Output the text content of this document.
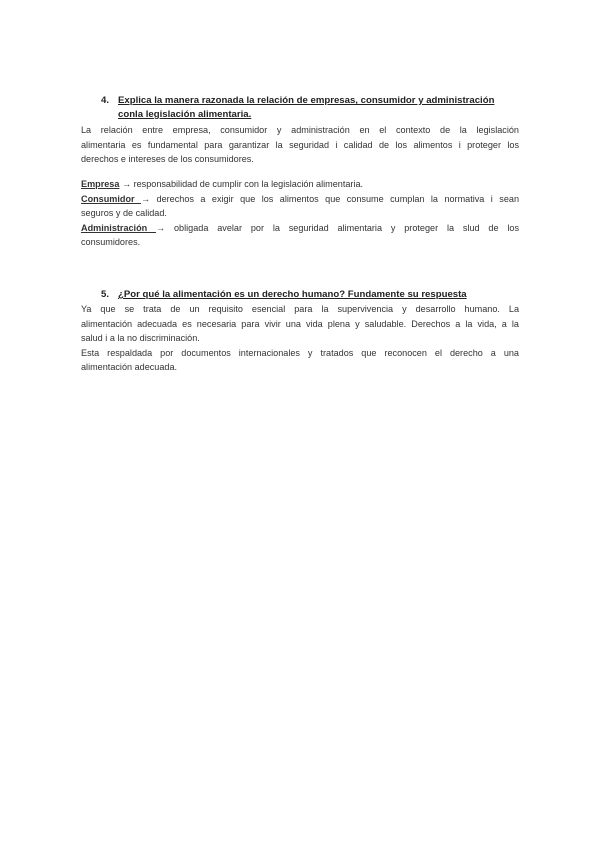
4. Explica la manera razonada la relación de empresas, consumidor y administración
conla legislación alimentaria.
La relación entre empresa, consumidor y administración en el contexto de la legislación
alimentaria es fundamental para garantizar la seguridad i calidad de los alimentos i proteger los
derechos e intereses de los consumidores.
Empresa → responsabilidad de cumplir con la legislación alimentaria.
Consumidor → derechos a exigir que los alimentos que consume cumplan la normativa i sean
seguros y de calidad.
Administración → obligada avelar por la seguridad alimentaria y proteger la slud de los
consumidores.
5. ¿Por qué la alimentación es un derecho humano? Fundamente su respuesta
Ya que se trata de un requisito esencial para la supervivencia y desarrollo humano. La
alimentación adecuada es necesaria para vivir una vida plena y saludable. Derechos a la vida, a la
salud i a la no discriminación.
Esta respaldada por documentos internacionales y tratados que reconocen el derecho a una
alimentación adecuada.
